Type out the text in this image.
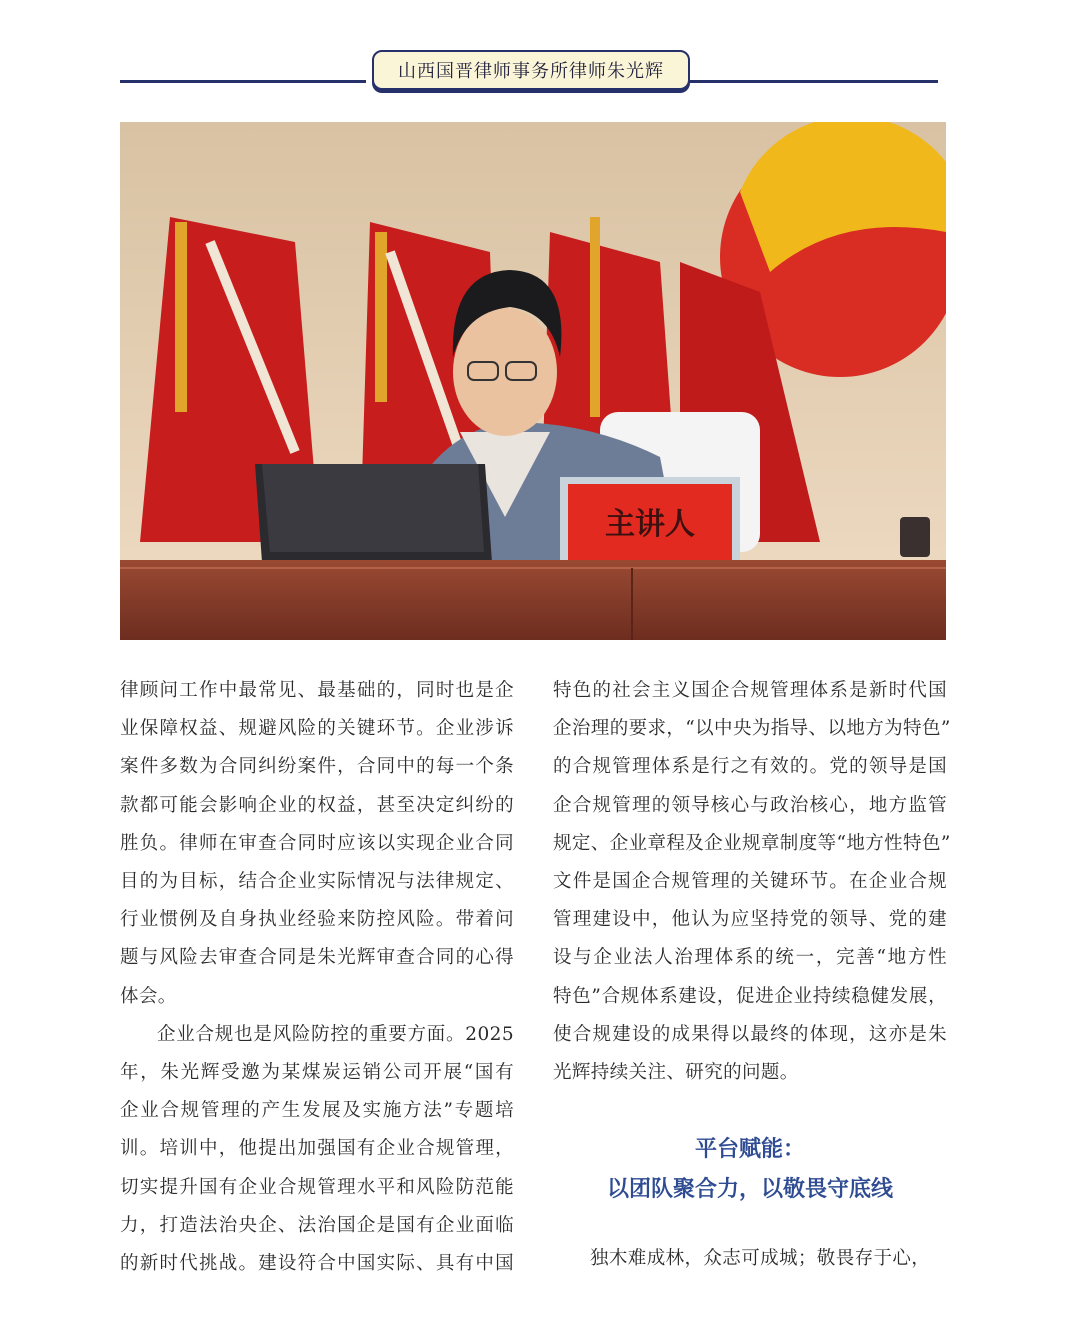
山西国晋律师事务所律师朱光辉
主讲人

律顾问工作中最常见、最基础的，同时也是企
业保障权益、规避风险的关键环节。企业涉诉
案件多数为合同纠纷案件，合同中的每一个条
款都可能会影响企业的权益，甚至决定纠纷的
胜负。律师在审查合同时应该以实现企业合同
目的为目标，结合企业实际情况与法律规定、
行业惯例及自身执业经验来防控风险。带着问
题与风险去审查合同是朱光辉审查合同的心得
体会。

企业合规也是风险防控的重要方面。2025
年，朱光辉受邀为某煤炭运销公司开展“国有
企业合规管理的产生发展及实施方法”专题培
训。培训中，他提出加强国有企业合规管理，
切实提升国有企业合规管理水平和风险防范能
力，打造法治央企、法治国企是国有企业面临
的新时代挑战。建设符合中国实际、具有中国

特色的社会主义国企合规管理体系是新时代国
企治理的要求，“以中央为指导、以地方为特色”
的合规管理体系是行之有效的。党的领导是国
企合规管理的领导核心与政治核心，地方监管
规定、企业章程及企业规章制度等“地方性特色”
文件是国企合规管理的关键环节。在企业合规
管理建设中，他认为应坚持党的领导、党的建
设与企业法人治理体系的统一，完善“地方性
特色”合规体系建设，促进企业持续稳健发展，
使合规建设的成果得以最终的体现，这亦是朱
光辉持续关注、研究的问题。

平台赋能：
以团队聚合力，以敬畏守底线
独木难成林，众志可成城；敬畏存于心，
